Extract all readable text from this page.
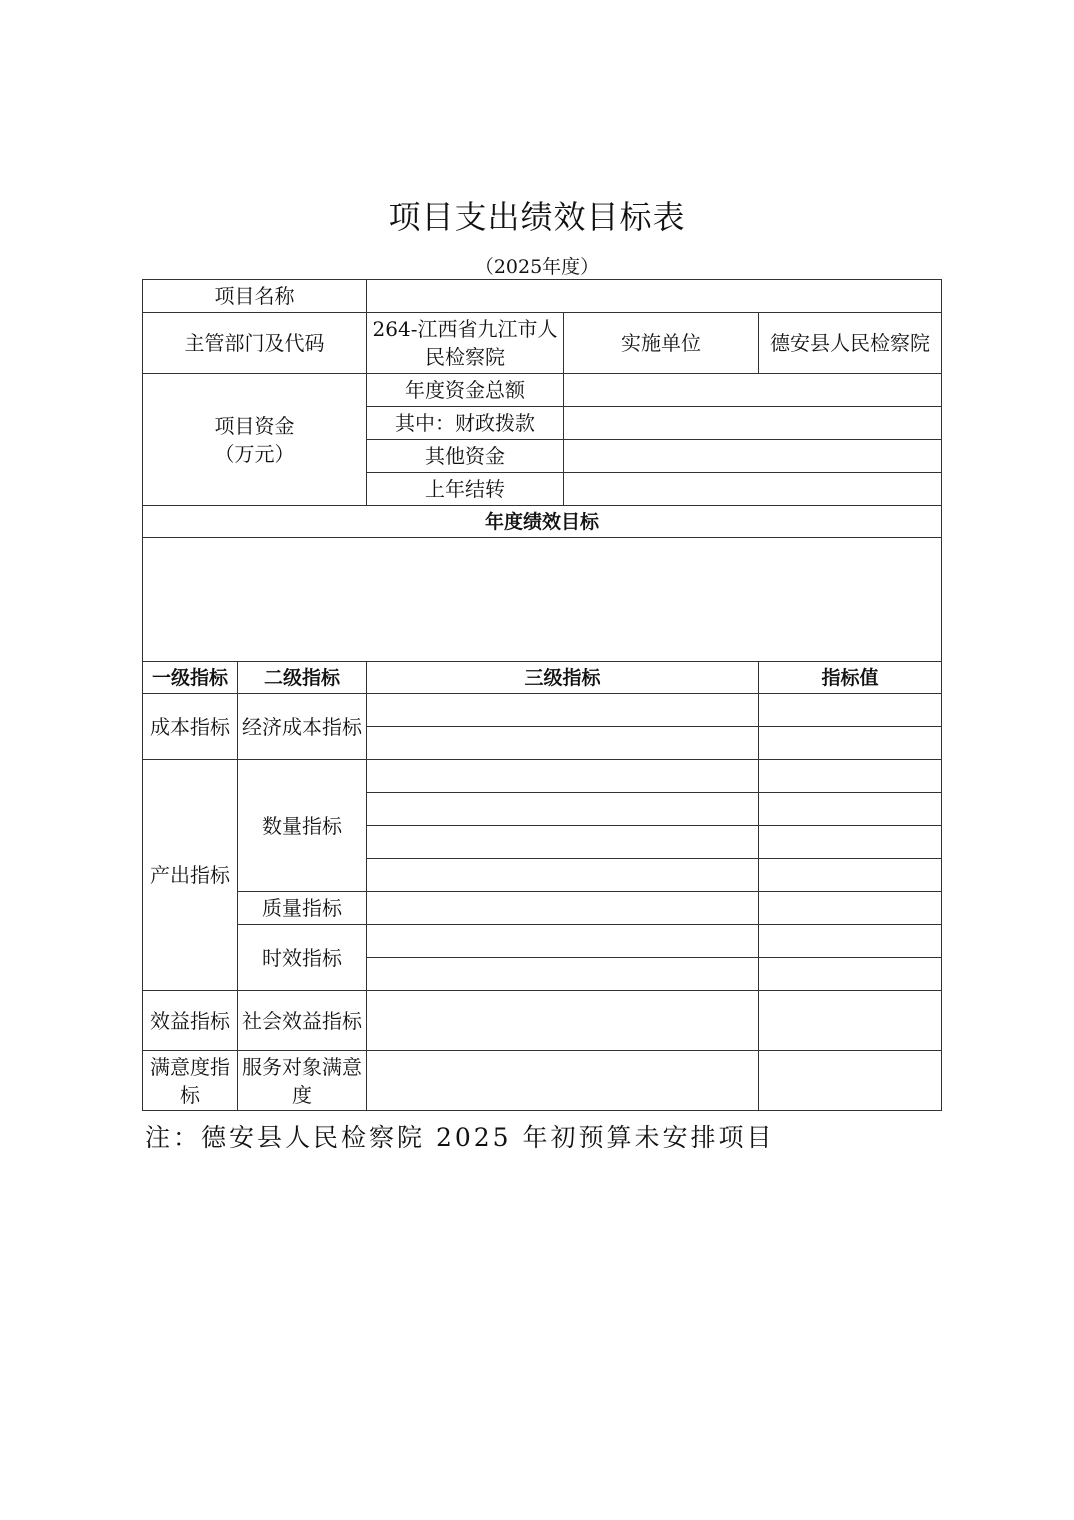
项目支出绩效目标表
（2025年度）
项目名称				
主管部门及代码		264-江西省九江市人民检察院	实施单位	德安县人民检察院
项目资金（万元）		年度资金总额		
		其中：财政拨款		
		其他资金		
		上年结转		
年度绩效目标				

一级指标	二级指标	三级指标		指标值
成本指标	经济成本指标			

产出指标	数量指标			

	质量指标			
	时效指标			

效益指标	社会效益指标			
满意度指标	服务对象满意度			
注：德安县人民检察院 2025 年初预算未安排项目
